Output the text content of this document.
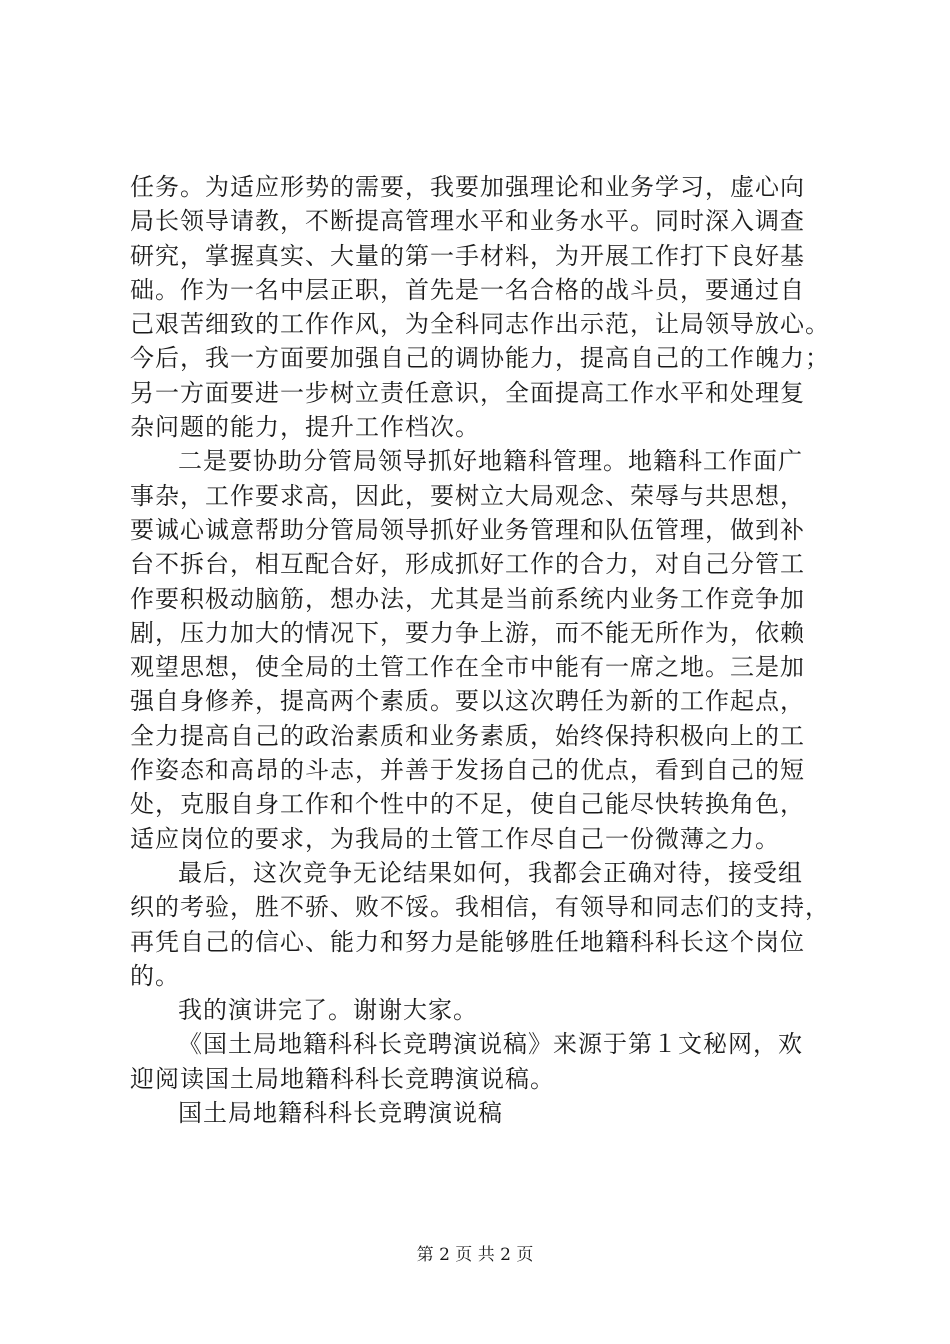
任务。为适应形势的需要，我要加强理论和业务学习，虚心向
局长领导请教，不断提高管理水平和业务水平。同时深入调查
研究，掌握真实、大量的第一手材料，为开展工作打下良好基
础。作为一名中层正职，首先是一名合格的战斗员，要通过自
己艰苦细致的工作作风，为全科同志作出示范，让局领导放心。
今后，我一方面要加强自己的调协能力，提高自己的工作魄力；
另一方面要进一步树立责任意识，全面提高工作水平和处理复
杂问题的能力，提升工作档次。
二是要协助分管局领导抓好地籍科管理。地籍科工作面广
事杂，工作要求高，因此，要树立大局观念、荣辱与共思想，
要诚心诚意帮助分管局领导抓好业务管理和队伍管理，做到补
台不拆台，相互配合好，形成抓好工作的合力，对自己分管工
作要积极动脑筋，想办法，尤其是当前系统内业务工作竞争加
剧，压力加大的情况下，要力争上游，而不能无所作为，依赖
观望思想，使全局的土管工作在全市中能有一席之地。三是加
强自身修养，提高两个素质。要以这次聘任为新的工作起点，
全力提高自己的政治素质和业务素质，始终保持积极向上的工
作姿态和高昂的斗志，并善于发扬自己的优点，看到自己的短
处，克服自身工作和个性中的不足，使自己能尽快转换角色，
适应岗位的要求，为我局的土管工作尽自己一份微薄之力。
最后，这次竞争无论结果如何，我都会正确对待，接受组
织的考验，胜不骄、败不馁。我相信，有领导和同志们的支持，
再凭自己的信心、能力和努力是能够胜任地籍科科长这个岗位
的。
我的演讲完了。谢谢大家。
《国土局地籍科科长竞聘演说稿》来源于第１文秘网，欢
迎阅读国土局地籍科科长竞聘演说稿。
国土局地籍科科长竞聘演说稿
第 2 页 共 2 页
